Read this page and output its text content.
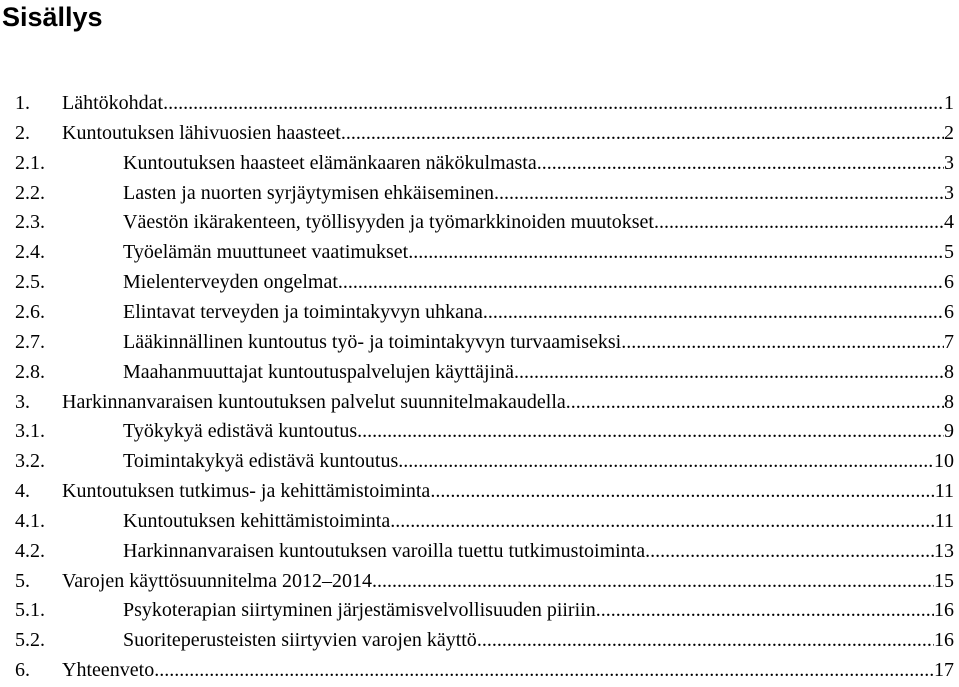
Sisällys
1.	Lähtökohdat .....	1
2.	Kuntoutuksen lähivuosien haasteet .....	2
2.1.	Kuntoutuksen haasteet elämänkaaren näkökulmasta .....	3
2.2.	Lasten ja nuorten syrjäytymisen ehkäiseminen .....	3
2.3.	Väestön ikärakenteen, työllisyyden ja työmarkkinoiden muutokset .....	4
2.4.	Työelämän muuttuneet vaatimukset .....	5
2.5.	Mielenterveyden ongelmat .....	6
2.6.	Elintavat terveyden ja toimintakyvyn uhkana .....	6
2.7.	Lääkinnällinen kuntoutus työ- ja toimintakyvyn turvaamiseksi .....	7
2.8.	Maahanmuuttajat kuntoutuspalvelujen käyttäjinä .....	8
3.	Harkinnanvaraisen kuntoutuksen palvelut suunnitelmakaudella .....	8
3.1.	Työkykyä edistävä kuntoutus .....	9
3.2.	Toimintakykyä edistävä kuntoutus .....	10
4.	Kuntoutuksen tutkimus- ja kehittämistoiminta .....	11
4.1.	Kuntoutuksen kehittämistoiminta .....	11
4.2.	Harkinnanvaraisen kuntoutuksen varoilla tuettu tutkimustoiminta .....	13
5.	Varojen käyttösuunnitelma 2012–2014 .....	15
5.1.	Psykoterapian siirtyminen järjestämisvelvollisuuden piiriin .....	16
5.2.	Suoriteperusteisten siirtyvien varojen käyttö .....	16
6.	Yhteenveto .....	17
